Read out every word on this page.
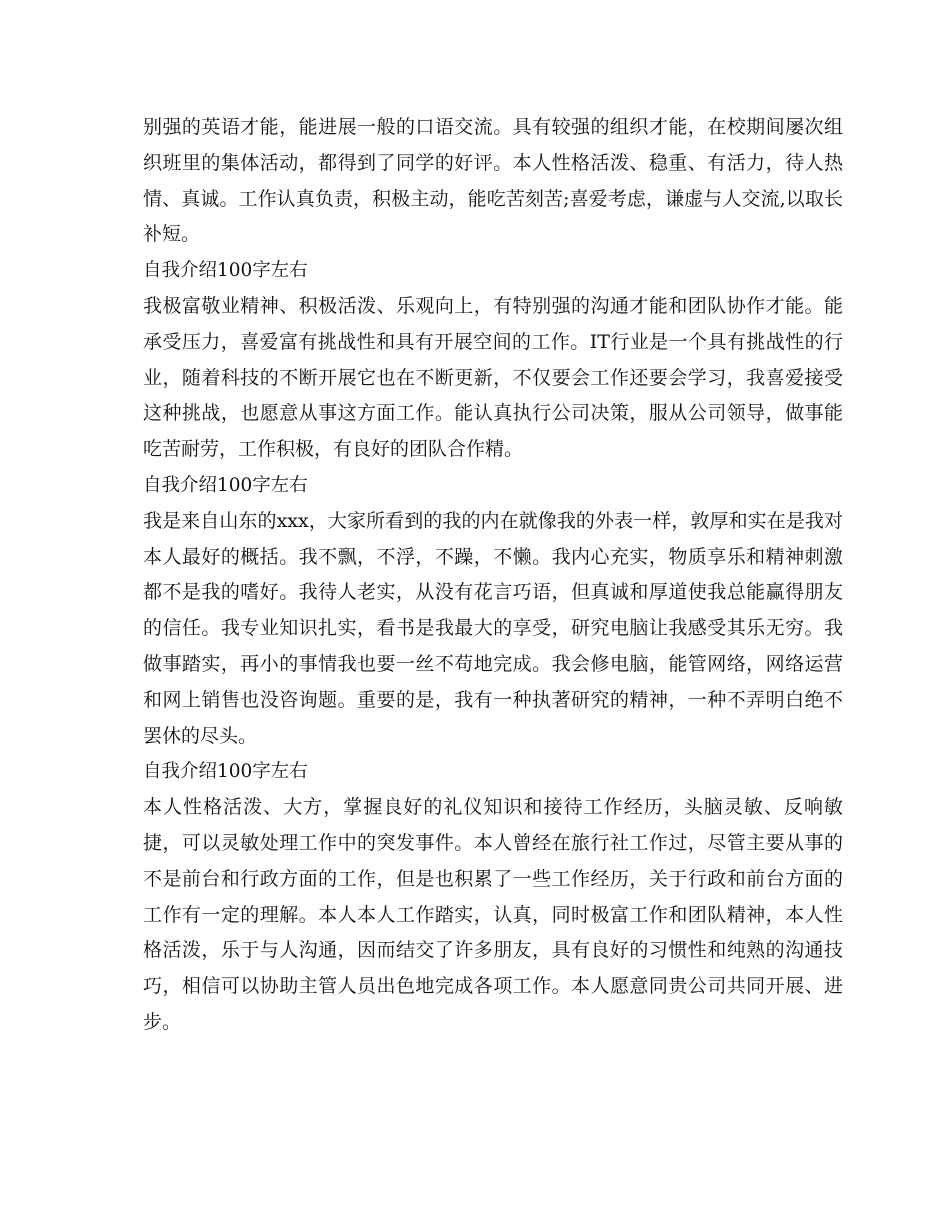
别强的英语才能，能进展一般的口语交流。具有较强的组织才能，在校期间屡次组织班里的集体活动，都得到了同学的好评。本人性格活泼、稳重、有活力，待人热情、真诚。工作认真负责，积极主动，能吃苦刻苦;喜爱考虑，谦虚与人交流,以取长补短。

自我介绍100字左右

我极富敬业精神、积极活泼、乐观向上，有特别强的沟通才能和团队协作才能。能承受压力，喜爱富有挑战性和具有开展空间的工作。IT行业是一个具有挑战性的行业，随着科技的不断开展它也在不断更新，不仅要会工作还要会学习，我喜爱接受这种挑战，也愿意从事这方面工作。能认真执行公司决策，服从公司领导，做事能吃苦耐劳，工作积极，有良好的团队合作精。

自我介绍100字左右

我是来自山东的xxx，大家所看到的我的内在就像我的外表一样，敦厚和实在是我对本人最好的概括。我不飘，不浮，不躁，不懒。我内心充实，物质享乐和精神刺激都不是我的嗜好。我待人老实，从没有花言巧语，但真诚和厚道使我总能赢得朋友的信任。我专业知识扎实，看书是我最大的享受，研究电脑让我感受其乐无穷。我做事踏实，再小的事情我也要一丝不苟地完成。我会修电脑，能管网络，网络运营和网上销售也没咨询题。重要的是，我有一种执著研究的精神，一种不弄明白绝不罢休的尽头。

自我介绍100字左右

本人性格活泼、大方，掌握良好的礼仪知识和接待工作经历，头脑灵敏、反响敏捷，可以灵敏处理工作中的突发事件。本人曾经在旅行社工作过，尽管主要从事的不是前台和行政方面的工作，但是也积累了一些工作经历，关于行政和前台方面的工作有一定的理解。本人本人工作踏实，认真，同时极富工作和团队精神，本人性格活泼，乐于与人沟通，因而结交了许多朋友，具有良好的习惯性和纯熟的沟通技巧，相信可以协助主管人员出色地完成各项工作。本人愿意同贵公司共同开展、进步。
